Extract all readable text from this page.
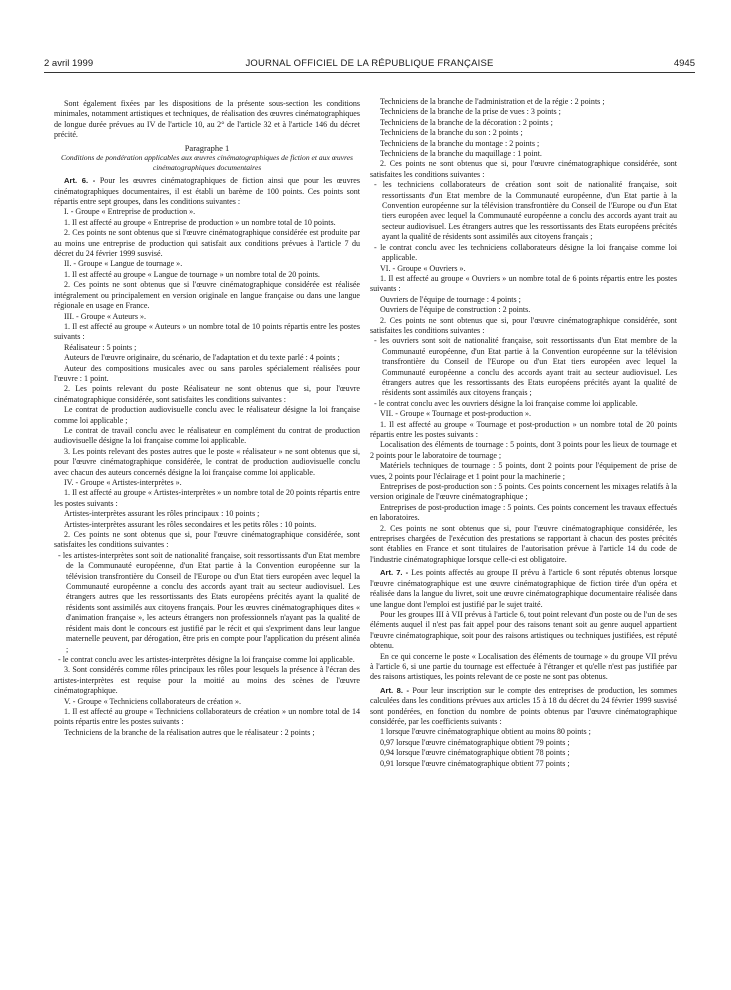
2 avril 1999	JOURNAL OFFICIEL DE LA RÉPUBLIQUE FRANÇAISE	4945

Sont également fixées par les dispositions de la présente sous-section les conditions minimales, notamment artistiques et techniques, de réalisation des œuvres cinématographiques de longue durée prévues au IV de l'article 10, au 2° de l'article 32 et à l'article 146 du décret précité.

Paragraphe 1

Conditions de pondération applicables aux œuvres cinématographiques de fiction et aux œuvres cinématographiques documentaires

Art. 6. - Pour les œuvres cinématographiques de fiction ainsi que pour les œuvres cinématographiques documentaires, il est établi un barème de 100 points. Ces points sont répartis entre sept groupes, dans les conditions suivantes :

I. - Groupe « Entreprise de production ».

1. Il est affecté au groupe « Entreprise de production » un nombre total de 10 points.

2. Ces points ne sont obtenus que si l'œuvre cinématographique considérée est produite par au moins une entreprise de production qui satisfait aux conditions prévues à l'article 7 du décret du 24 février 1999 susvisé.

II. - Groupe « Langue de tournage ».

1. Il est affecté au groupe « Langue de tournage » un nombre total de 20 points.

2. Ces points ne sont obtenus que si l'œuvre cinématographique considérée est réalisée intégralement ou principalement en version originale en langue française ou dans une langue régionale en usage en France.

III. - Groupe « Auteurs ».

1. Il est affecté au groupe « Auteurs » un nombre total de 10 points répartis entre les postes suivants :

Réalisateur : 5 points ;

Auteurs de l'œuvre originaire, du scénario, de l'adaptation et du texte parlé : 4 points ;

Auteur des compositions musicales avec ou sans paroles spécialement réalisées pour l'œuvre : 1 point.

2. Les points relevant du poste Réalisateur ne sont obtenus que si, pour l'œuvre cinématographique considérée, sont satisfaites les conditions suivantes :

Le contrat de production audiovisuelle conclu avec le réalisateur désigne la loi française comme loi applicable ;

Le contrat de travail conclu avec le réalisateur en complément du contrat de production audiovisuelle désigne la loi française comme loi applicable.

3. Les points relevant des postes autres que le poste « réalisateur » ne sont obtenus que si, pour l'œuvre cinématographique considérée, le contrat de production audiovisuelle conclu avec chacun des auteurs concernés désigne la loi française comme loi applicable.

IV. - Groupe « Artistes-interprètes ».

1. Il est affecté au groupe « Artistes-interprètes » un nombre total de 20 points répartis entre les postes suivants :

Artistes-interprètes assurant les rôles principaux : 10 points ;

Artistes-interprètes assurant les rôles secondaires et les petits rôles : 10 points.

2. Ces points ne sont obtenus que si, pour l'œuvre cinématographique considérée, sont satisfaites les conditions suivantes :

- les artistes-interprètes sont soit de nationalité française, soit ressortissants d'un Etat membre de la Communauté européenne, d'un Etat partie à la Convention européenne sur la télévision transfrontière du Conseil de l'Europe ou d'un Etat tiers européen avec lequel la Communauté européenne a conclu des accords ayant trait au secteur audiovisuel. Les étrangers autres que les ressortissants des Etats européens précités ayant la qualité de résidents sont assimilés aux citoyens français. Pour les œuvres cinématographiques dites « d'animation française », les acteurs étrangers non professionnels n'ayant pas la qualité de résident mais dont le concours est justifié par le récit et qui s'expriment dans leur langue maternelle peuvent, par dérogation, être pris en compte pour l'application du présent alinéa ;

- le contrat conclu avec les artistes-interprètes désigne la loi française comme loi applicable.

3. Sont considérés comme rôles principaux les rôles pour lesquels la présence à l'écran des artistes-interprètes est requise pour la moitié au moins des scènes de l'œuvre cinématographique.

V. - Groupe « Techniciens collaborateurs de création ».

1. Il est affecté au groupe « Techniciens collaborateurs de création » un nombre total de 14 points répartis entre les postes suivants :

Techniciens de la branche de la réalisation autres que le réalisateur : 2 points ;

Techniciens de la branche de l'administration et de la régie : 2 points ;

Techniciens de la branche de la prise de vues : 3 points ;

Techniciens de la branche de la décoration : 2 points ;

Techniciens de la branche du son : 2 points ;

Techniciens de la branche du montage : 2 points ;

Techniciens de la branche du maquillage : 1 point.

2. Ces points ne sont obtenus que si, pour l'œuvre cinématographique considérée, sont satisfaites les conditions suivantes :

- les techniciens collaborateurs de création sont soit de nationalité française, soit ressortissants d'un Etat membre de la Communauté européenne, d'un Etat partie à la Convention européenne sur la télévision transfrontière du Conseil de l'Europe ou d'un Etat tiers européen avec lequel la Communauté européenne a conclu des accords ayant trait au secteur audiovisuel. Les étrangers autres que les ressortissants des Etats européens précités ayant la qualité de résidents sont assimilés aux citoyens français ;

- le contrat conclu avec les techniciens collaborateurs désigne la loi française comme loi applicable.

VI. - Groupe « Ouvriers ».

1. Il est affecté au groupe « Ouvriers » un nombre total de 6 points répartis entre les postes suivants :

Ouvriers de l'équipe de tournage : 4 points ;

Ouvriers de l'équipe de construction : 2 points.

2. Ces points ne sont obtenus que si, pour l'œuvre cinématographique considérée, sont satisfaites les conditions suivantes :

- les ouvriers sont soit de nationalité française, soit ressortissants d'un Etat membre de la Communauté européenne, d'un Etat partie à la Convention européenne sur la télévision transfrontière du Conseil de l'Europe ou d'un Etat tiers européen avec lequel la Communauté européenne a conclu des accords ayant trait au secteur audiovisuel. Les étrangers autres que les ressortissants des Etats européens précités ayant la qualité de résidents sont assimilés aux citoyens français ;

- le contrat conclu avec les ouvriers désigne la loi française comme loi applicable.

VII. - Groupe « Tournage et post-production ».

1. Il est affecté au groupe « Tournage et post-production » un nombre total de 20 points répartis entre les postes suivants :

Localisation des éléments de tournage : 5 points, dont 3 points pour les lieux de tournage et 2 points pour le laboratoire de tournage ;

Matériels techniques de tournage : 5 points, dont 2 points pour l'équipement de prise de vues, 2 points pour l'éclairage et 1 point pour la machinerie ;

Entreprises de post-production son : 5 points. Ces points concernent les mixages relatifs à la version originale de l'œuvre cinématographique ;

Entreprises de post-production image : 5 points. Ces points concernent les travaux effectués en laboratoires.

2. Ces points ne sont obtenus que si, pour l'œuvre cinématographique considérée, les entreprises chargées de l'exécution des prestations se rapportant à chacun des postes précités sont établies en France et sont titulaires de l'autorisation prévue à l'article 14 du code de l'industrie cinématographique lorsque celle-ci est obligatoire.

Art. 7. - Les points affectés au groupe II prévu à l'article 6 sont réputés obtenus lorsque l'œuvre cinématographique est une œuvre cinématographique de fiction tirée d'un opéra et réalisée dans la langue du livret, soit une œuvre cinématographique documentaire réalisée dans une langue dont l'emploi est justifié par le sujet traité.

Pour les groupes III à VII prévus à l'article 6, tout point relevant d'un poste ou de l'un de ses éléments auquel il n'est pas fait appel pour des raisons tenant soit au genre auquel appartient l'œuvre cinématographique, soit pour des raisons artistiques ou techniques justifiées, est réputé obtenu.

En ce qui concerne le poste « Localisation des éléments de tournage » du groupe VII prévu à l'article 6, si une partie du tournage est effectuée à l'étranger et qu'elle n'est pas justifiée par des raisons artistiques, les points relevant de ce poste ne sont pas obtenus.

Art. 8. - Pour leur inscription sur le compte des entreprises de production, les sommes calculées dans les conditions prévues aux articles 15 à 18 du décret du 24 février 1999 susvisé sont pondérées, en fonction du nombre de points obtenus par l'œuvre cinématographique considérée, par les coefficients suivants :

1 lorsque l'œuvre cinématographique obtient au moins 80 points ;

0,97 lorsque l'œuvre cinématographique obtient 79 points ;

0,94 lorsque l'œuvre cinématographique obtient 78 points ;

0,91 lorsque l'œuvre cinématographique obtient 77 points ;
